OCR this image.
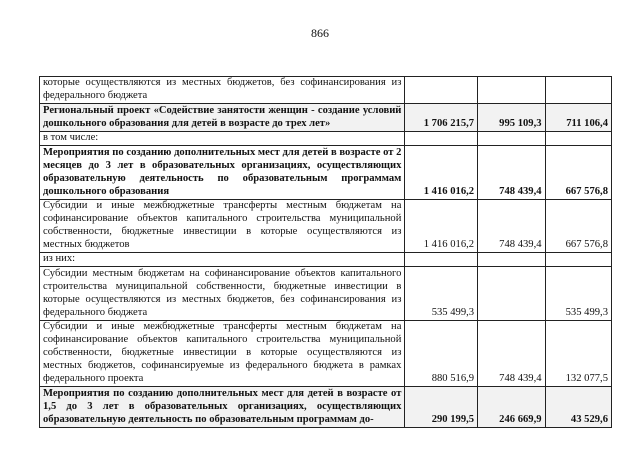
866
которые осуществляются из местных бюджетов, без софинансирования из федерального бюджета			
Региональный проект «Содействие занятости женщин - создание условий дошкольного образования для детей в возрасте до трех лет»	1 706 215,7	995 109,3	711 106,4
в том числе:			
Мероприятия по созданию дополнительных мест для детей в возрасте от 2 месяцев до 3 лет в образовательных организациях, осуществляющих образовательную деятельность по образовательным программам дошкольного образования	1 416 016,2	748 439,4	667 576,8
Субсидии и иные межбюджетные трансферты местным бюджетам на софинансирование объектов капитального строительства муниципальной собственности, бюджетные инвестиции в которые осуществляются из местных бюджетов	1 416 016,2	748 439,4	667 576,8
из них:			
Субсидии местным бюджетам на софинансирование объектов капитального строительства муниципальной собственности, бюджетные инвестиции в которые осуществляются из местных бюджетов, без софинансирования из федерального бюджета	535 499,3		535 499,3
Субсидии и иные межбюджетные трансферты местным бюджетам на софинансирование объектов капитального строительства муниципальной собственности, бюджетные инвестиции в которые осуществляются из местных бюджетов, софинансируемые из федерального бюджета в рамках федерального проекта	880 516,9	748 439,4	132 077,5
Мероприятия по созданию дополнительных мест для детей в возрасте от 1,5 до 3 лет в образовательных организациях, осуществляющих образовательную деятельность по образовательным программам до-	290 199,5	246 669,9	43 529,6
